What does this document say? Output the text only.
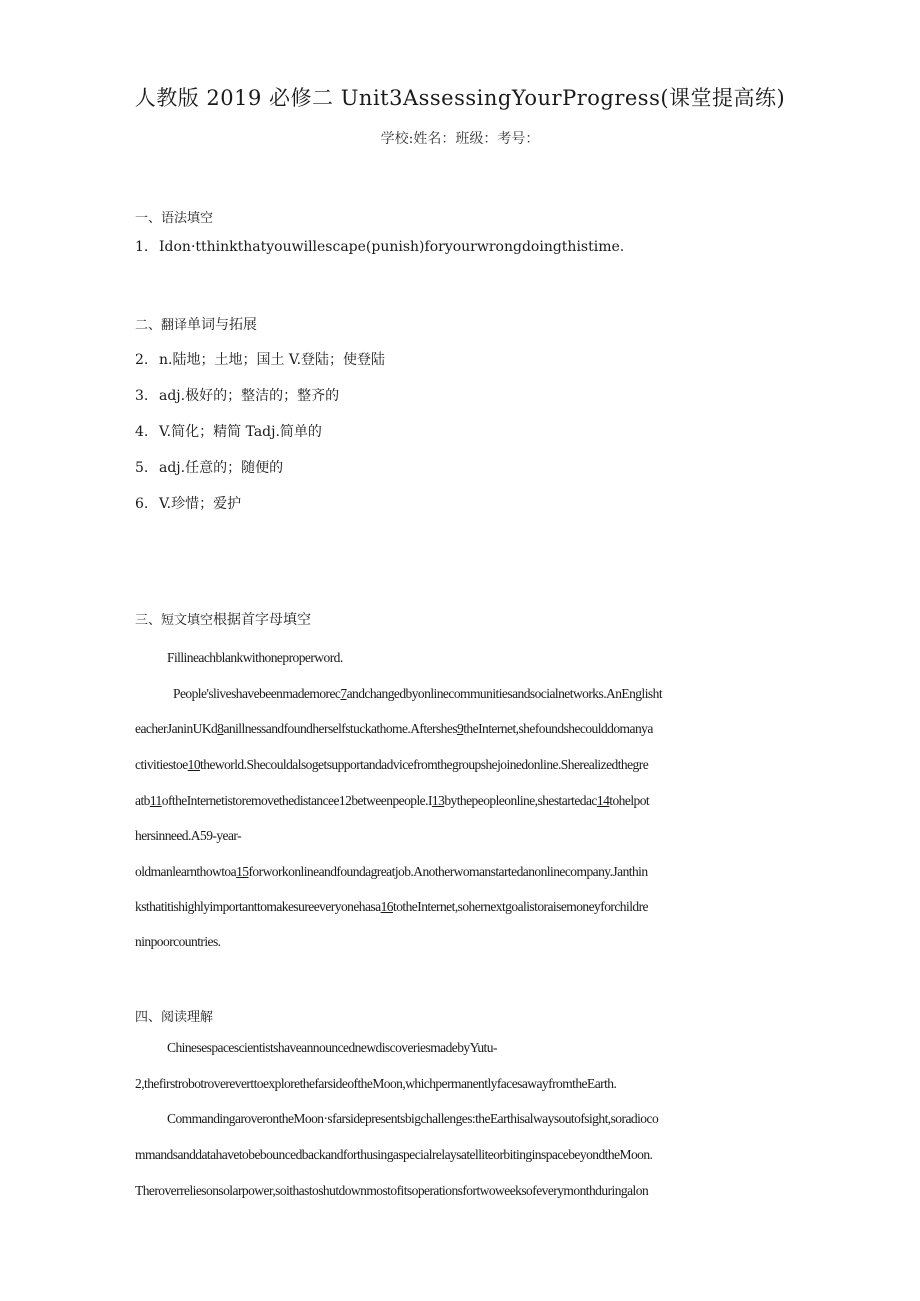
人教版 2019 必修二 Unit3AssessingYourProgress(课堂提高练)
学校:姓名：班级：考号：
一、语法填空
1. Idon·tthinkthatyouwillescape(punish)foryourwrongdoingthistime.
二、翻译单词与拓展
2. n.陆地；土地；国土 V.登陆；使登陆
3. adj.极好的；整洁的；整齐的
4. V.简化；精简 Tadj.简单的
5. adj.任意的；随便的
6. V.珍惜；爱护
三、短文填空根据首字母填空
Fillineachblankwithoneproperword.
People'sliveshavebeenmademorec7andchangedbyonlinecommunitiesandsocialnetworks.AnEnglisht
eacherJaninUKd8anillnessandfoundherselfstuckathome.Aftershes9theInternet,shefoundshecoulddomanya
ctivitiestoe10theworld.Shecouldalsogetsupportandadvicefromthegroupshejoinedonline.Sherealizedthegre
atb11oftheInternetistoremovethedistancee12betweenpeople.I13bythepeopleonline,shestartedac14tohelpot
hersinneed.A59-year-
oldmanlearnthowtoa15forworkonlineandfoundagreatjob.Anotherwomanstartedanonlinecompany.Janthin
ksthatitishighlyimportanttomakesureeveryonehasa16totheInternet,sohernextgoalistoraisemoneyforchildre
ninpoorcountries.
四、阅读理解
ChinesespacescientistshaveannouncednewdiscoveriesmadebyYutu-
2,thefirstrobotrovereverttoexplorethefarsideoftheMoon,whichpermanentlyfacesawayfromtheEarth.
CommandingaroverontheMoon·sfarsidepresentsbigchallenges:theEarthisalwaysoutofsight,soradioco
mmandsanddatahavetobebouncedbackandforthusingaspecialrelaysatelliteorbitinginspacebeyondtheMoon.
Theroverreliesonsolarpower,soithastoshutdownmostofitsoperationsfortwoweeksofeverymonthduringalon
